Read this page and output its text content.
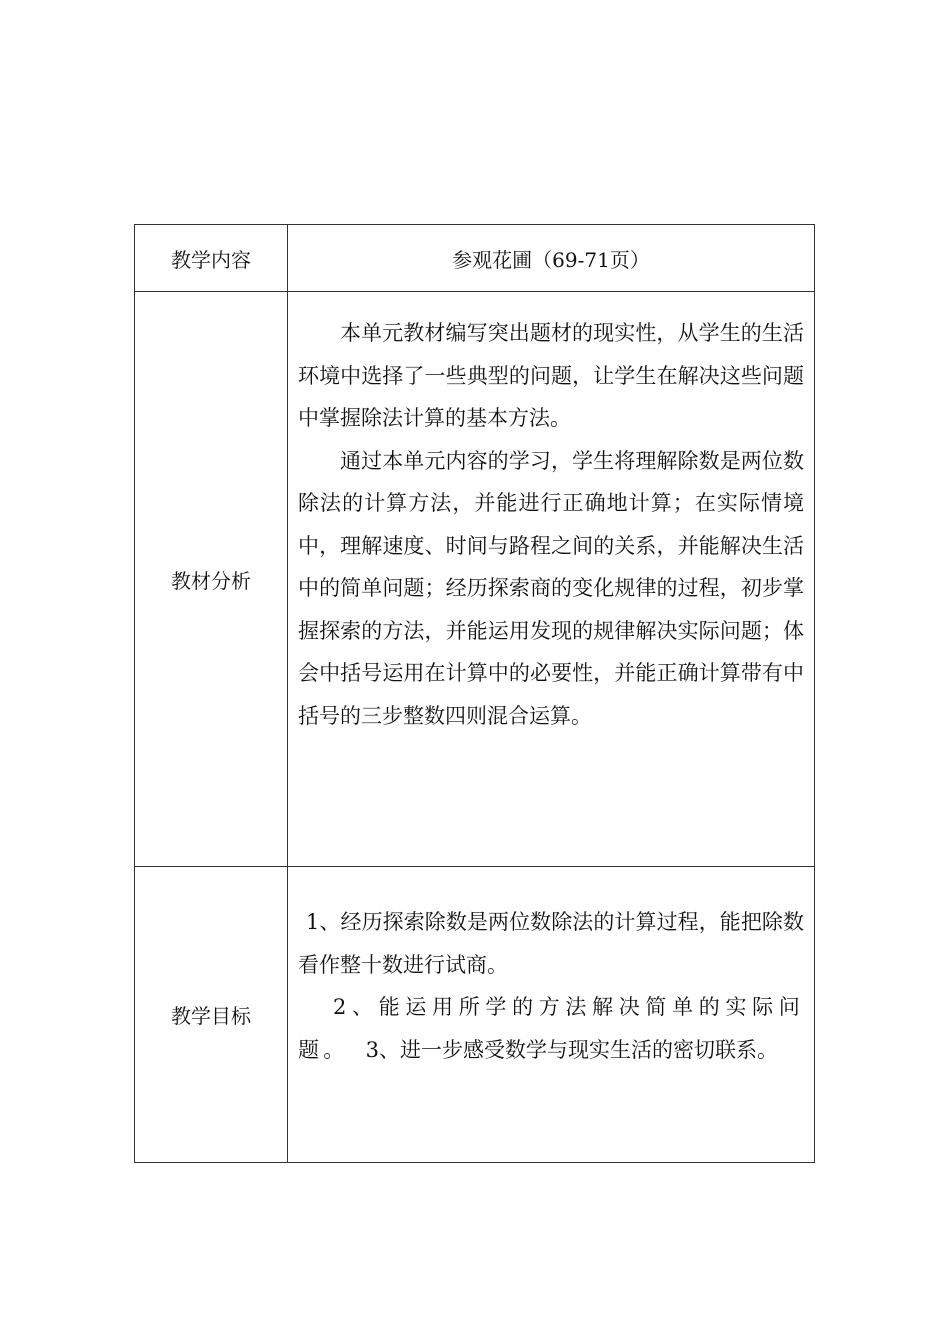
教学内容	参观花圃（69-71页）
教材分析	本单元教材编写突出题材的现实性，从学生的生活环境中选择了一些典型的问题，让学生在解决这些问题中掌握除法计算的基本方法。

通过本单元内容的学习，学生将理解除数是两位数除法的计算方法，并能进行正确地计算；在实际情境中，理解速度、时间与路程之间的关系，并能解决生活中的简单问题；经历探索商的变化规律的过程，初步掌握探索的方法，并能运用发现的规律解决实际问题；体会中括号运用在计算中的必要性，并能正确计算带有中括号的三步整数四则混合运算。

教学目标	1、经历探索除数是两位数除法的计算过程，能把除数看作整十数进行试商。

2、能运用所学的方法解决简单的实际问题。　 3、进一步感受数学与现实生活的密切联系。
